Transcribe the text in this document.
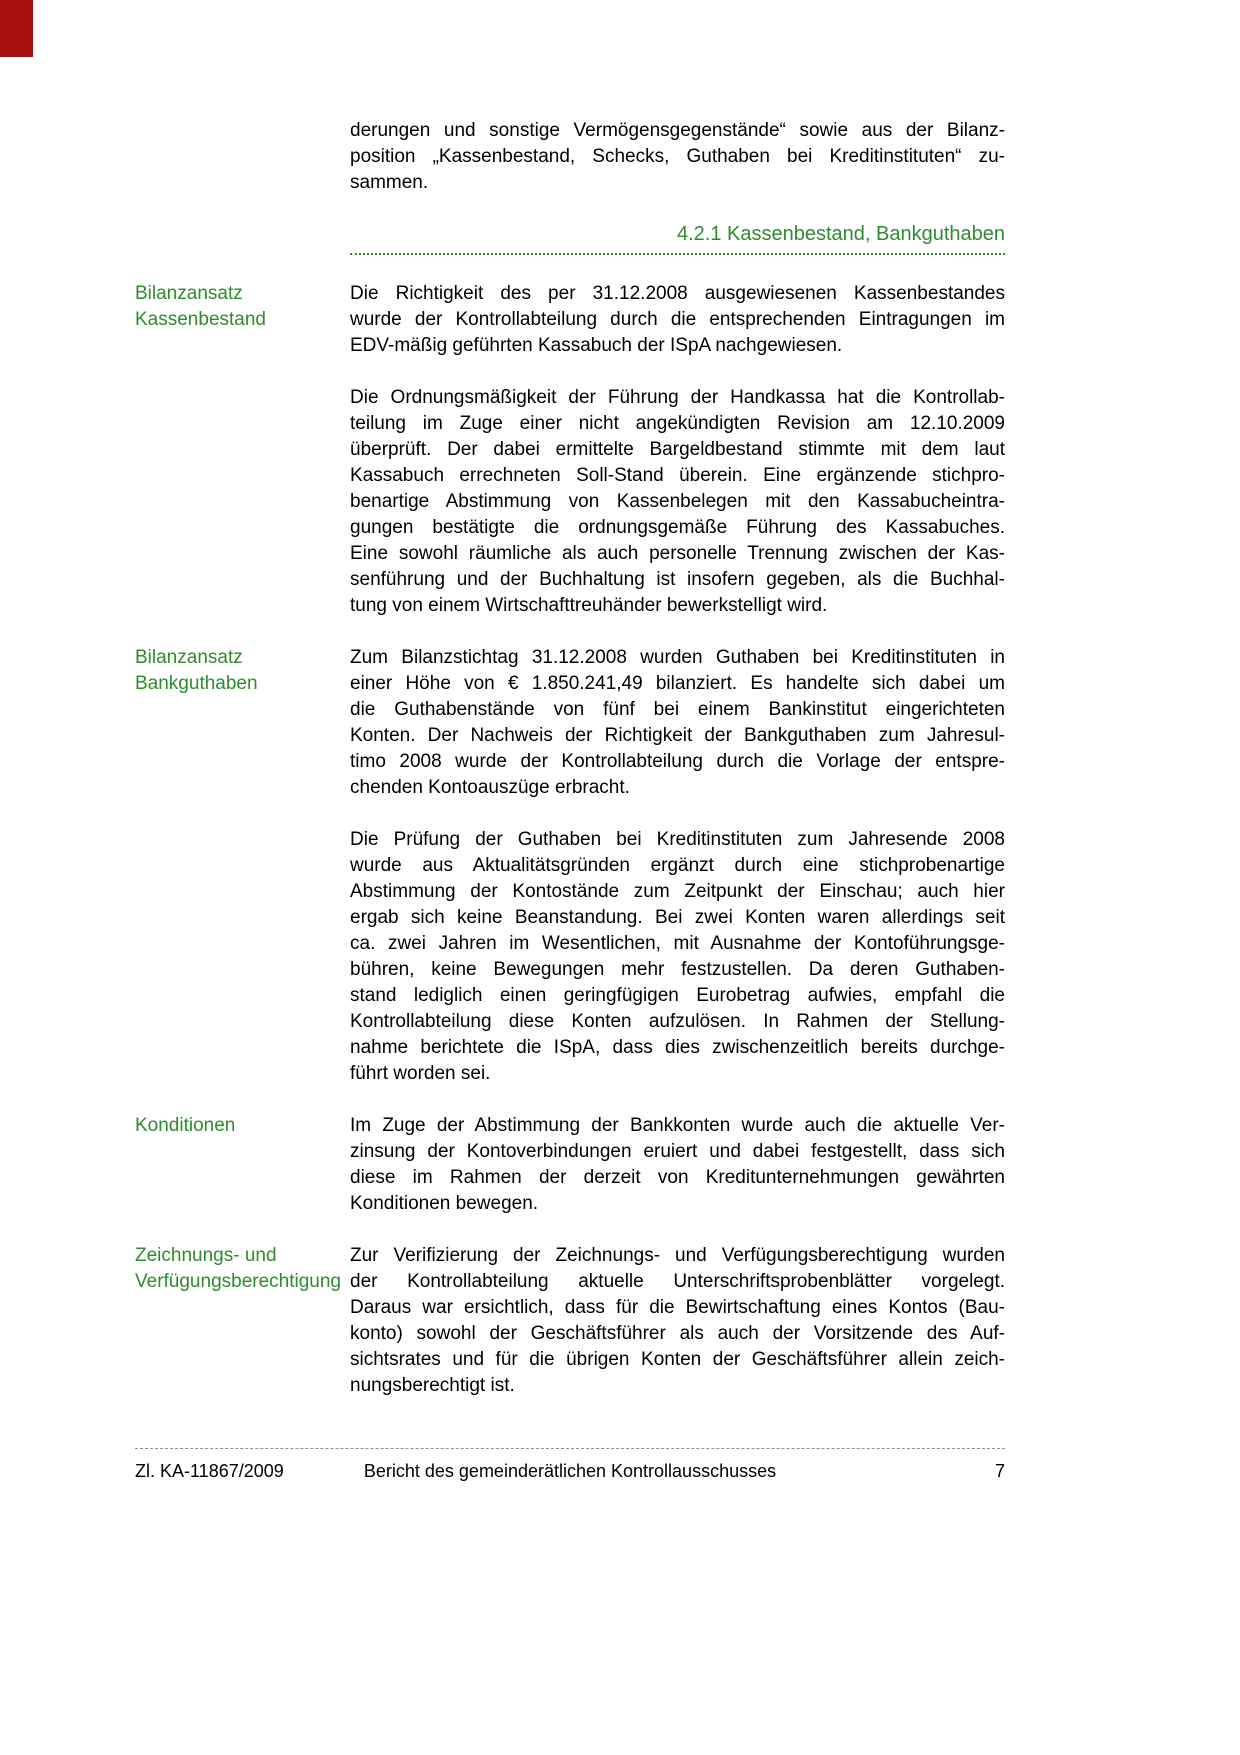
derungen und sonstige Vermögensgegenstände“ sowie aus der Bilanz-
position „Kassenbestand, Schecks, Guthaben bei Kreditinstituten“ zu-
sammen.
4.2.1 Kassenbestand, Bankguthaben
Bilanzansatz
Kassenbestand
Die Richtigkeit des per 31.12.2008 ausgewiesenen Kassenbestandes
wurde der Kontrollabteilung durch die entsprechenden Eintragungen im
EDV-mäßig geführten Kassabuch der ISpA nachgewiesen.
Die Ordnungsmäßigkeit der Führung der Handkassa hat die Kontrollab-
teilung im Zuge einer nicht angekündigten Revision am 12.10.2009
überprüft. Der dabei ermittelte Bargeldbestand stimmte mit dem laut
Kassabuch errechneten Soll-Stand überein. Eine ergänzende stichpro-
benartige Abstimmung von Kassenbelegen mit den Kassabucheintra-
gungen bestätigte die ordnungsgemäße Führung des Kassabuches.
Eine sowohl räumliche als auch personelle Trennung zwischen der Kas-
senführung und der Buchhaltung ist insofern gegeben, als die Buchhal-
tung von einem Wirtschafttreuhänder bewerkstelligt wird.
Bilanzansatz
Bankguthaben
Zum Bilanzstichtag 31.12.2008 wurden Guthaben bei Kreditinstituten in
einer Höhe von € 1.850.241,49 bilanziert. Es handelte sich dabei um
die Guthabenstände von fünf bei einem Bankinstitut eingerichteten
Konten. Der Nachweis der Richtigkeit der Bankguthaben zum Jahresul-
timo 2008 wurde der Kontrollabteilung durch die Vorlage der entspre-
chenden Kontoauszüge erbracht.
Die Prüfung der Guthaben bei Kreditinstituten zum Jahresende 2008
wurde aus Aktualitätsgründen ergänzt durch eine stichprobenartige
Abstimmung der Kontostände zum Zeitpunkt der Einschau; auch hier
ergab sich keine Beanstandung. Bei zwei Konten waren allerdings seit
ca. zwei Jahren im Wesentlichen, mit Ausnahme der Kontoführungsge-
bühren, keine Bewegungen mehr festzustellen. Da deren Guthaben-
stand lediglich einen geringfügigen Eurobetrag aufwies, empfahl die
Kontrollabteilung diese Konten aufzulösen. In Rahmen der Stellung-
nahme berichtete die ISpA, dass dies zwischenzeitlich bereits durchge-
führt worden sei.
Konditionen	Im Zuge der Abstimmung der Bankkonten wurde auch die aktuelle Ver-
zinsung der Kontoverbindungen eruiert und dabei festgestellt, dass sich
diese im Rahmen der derzeit von Kreditunternehmungen gewährten
Konditionen bewegen.
Zeichnungs- und
Verfügungsberechtigung
Zur Verifizierung der Zeichnungs- und Verfügungsberechtigung wurden
der Kontrollabteilung aktuelle Unterschriftsprobenblätter vorgelegt.
Daraus war ersichtlich, dass für die Bewirtschaftung eines Kontos (Bau-
konto) sowohl der Geschäftsführer als auch der Vorsitzende des Auf-
sichtsrates und für die übrigen Konten der Geschäftsführer allein zeich-
nungsberechtigt ist.
Zl. KA-11867/2009	Bericht des gemeinderätlichen Kontrollausschusses	7
